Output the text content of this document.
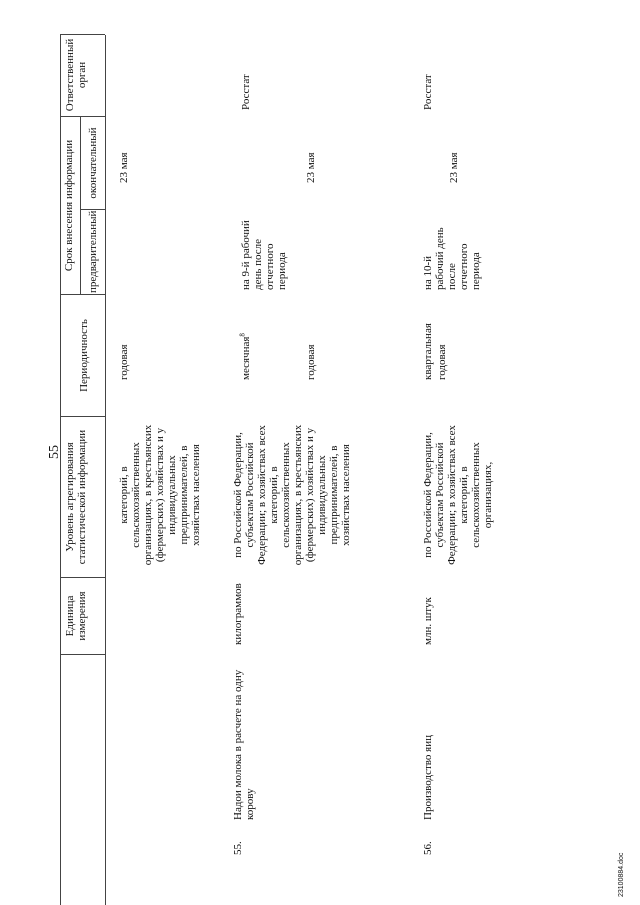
55
Единица измерения
Уровень агрегирования статистической информации
Периодичность
Срок внесения информации предварительный
окончательный
Ответственный орган
категорий, в сельскохозяйственных организациях, в крестьянских (фермерских) хозяйствах и у индивидуальных предпринимателей, в хозяйствах населения
годовая
23 мая
55.
Надои молока в расчете на одну корову
килограммов
по Российской Федерации, субъектам Российской Федерации; в хозяйствах всех категорий, в сельскохозяйственных организациях, в крестьянских (фермерских) хозяйствах и у индивидуальных предпринимателей, в хозяйствах населения
месячная$^8$
годовая
на 9-й рабочий день после отчетного периода
23 мая
Росстат
56.
Производство яиц
млн. штук
по Российской Федерации, субъектам Российской Федерации; в хозяйствах всех категорий, в сельскохозяйственных организациях,
квартальная годовая
на 10-й рабочий день после отчетного периода
23 мая
Росстат
23100884.doc
